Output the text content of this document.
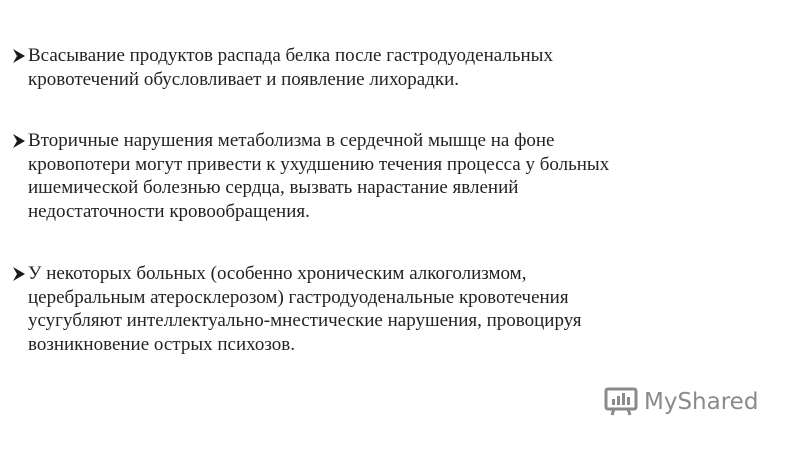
Всасывание продуктов распада белка после гастродуоденальных
кровотечений обусловливает и появление лихорадки.
Вторичные нарушения метаболизма в сердечной мышце на фоне
кровопотери могут привести к ухудшению течения процесса у больных
ишемической болезнью сердца, вызвать нарастание явлений
недостаточности кровообращения.
У некоторых больных (особенно хроническим алкоголизмом,
церебральным атеросклерозом) гастродуоденальные кровотечения
усугубляют интеллектуально-мнестические нарушения, провоцируя
возникновение острых психозов.
MyShared
